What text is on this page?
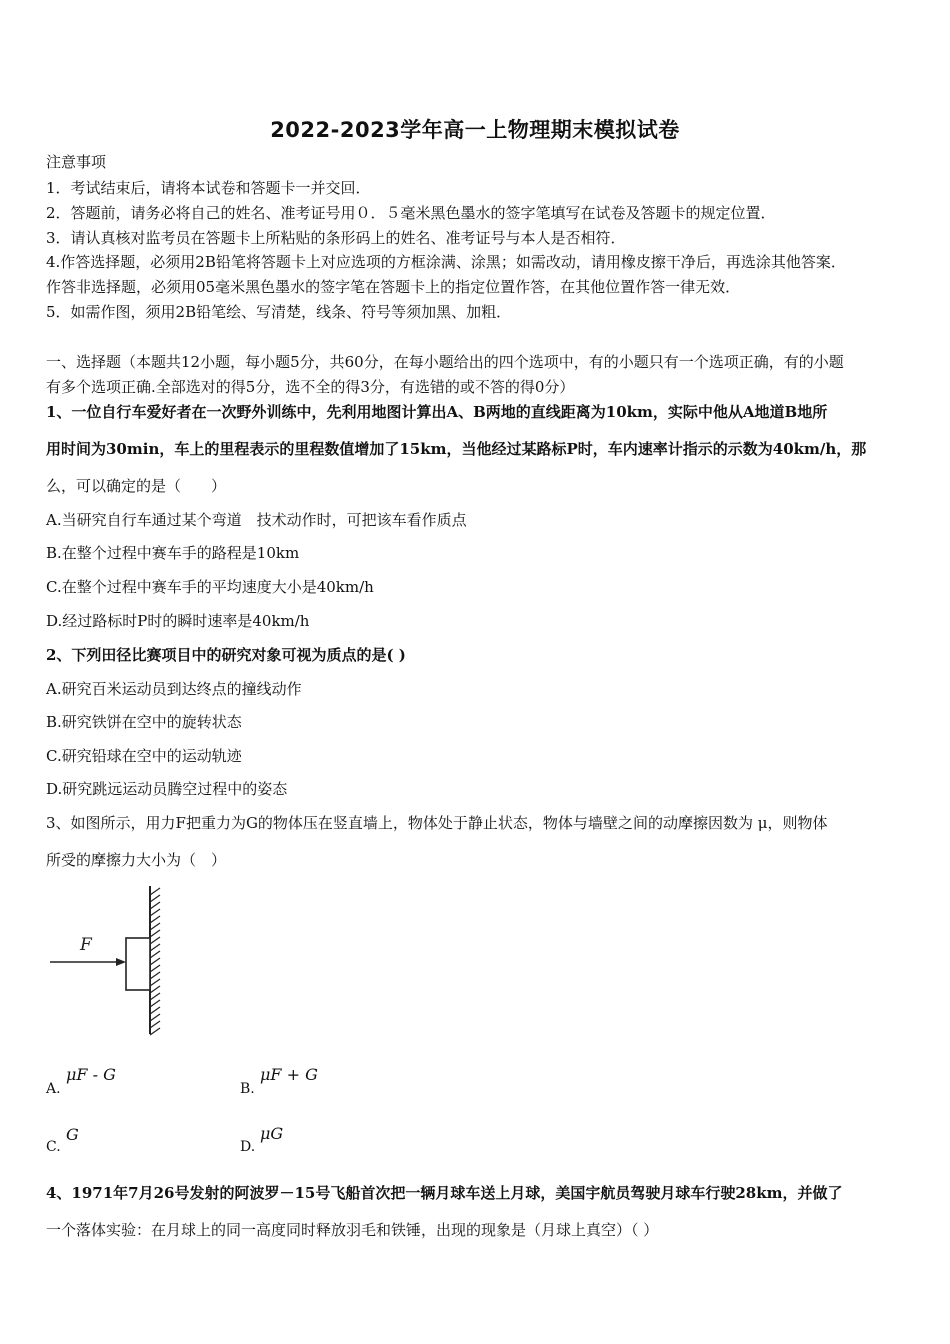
2022-2023学年高一上物理期末模拟试卷
注意事项
1．考试结束后，请将本试卷和答题卡一并交回．
2．答题前，请务必将自己的姓名、准考证号用０．５毫米黑色墨水的签字笔填写在试卷及答题卡的规定位置．
3．请认真核对监考员在答题卡上所粘贴的条形码上的姓名、准考证号与本人是否相符．
4.作答选择题，必须用2B铅笔将答题卡上对应选项的方框涂满、涂黑；如需改动，请用橡皮擦干净后，再选涂其他答案．
作答非选择题，必须用05毫米黑色墨水的签字笔在答题卡上的指定位置作答，在其他位置作答一律无效．
5．如需作图，须用2B铅笔绘、写清楚，线条、符号等须加黑、加粗．
一、选择题（本题共12小题，每小题5分，共60分，在每小题给出的四个选项中，有的小题只有一个选项正确，有的小题
有多个选项正确.全部选对的得5分，选不全的得3分，有选错的或不答的得0分）
1、一位自行车爱好者在一次野外训练中，先利用地图计算出A、B两地的直线距离为10km，实际中他从A地道B地所
用时间为30min，车上的里程表示的里程数值增加了15km，当他经过某路标P时，车内速率计指示的示数为40km/h，那
么，可以确定的是（　　）
A.当研究自行车通过某个弯道　技术动作时，可把该车看作质点
B.在整个过程中赛车手的路程是10km
C.在整个过程中赛车手的平均速度大小是40km/h
D.经过路标时P时的瞬时速率是40km/h
2、下列田径比赛项目中的研究对象可视为质点的是( )
A.研究百米运动员到达终点的撞线动作
B.研究铁饼在空中的旋转状态
C.研究铅球在空中的运动轨迹
D.研究跳远运动员腾空过程中的姿态
3、如图所示，用力F把重力为G的物体压在竖直墙上，物体处于静止状态，物体与墙壁之间的动摩擦因数为 μ，则物体
所受的摩擦力大小为（　）
F
A.
μF - G
B.
μF + G
C.
G
D.
μG
4、1971年7月26号发射的阿波罗－15号飞船首次把一辆月球车送上月球，美国宇航员驾驶月球车行驶28km，并做了
一个落体实验：在月球上的同一高度同时释放羽毛和铁锤，出现的现象是（月球上真空）（ ）
